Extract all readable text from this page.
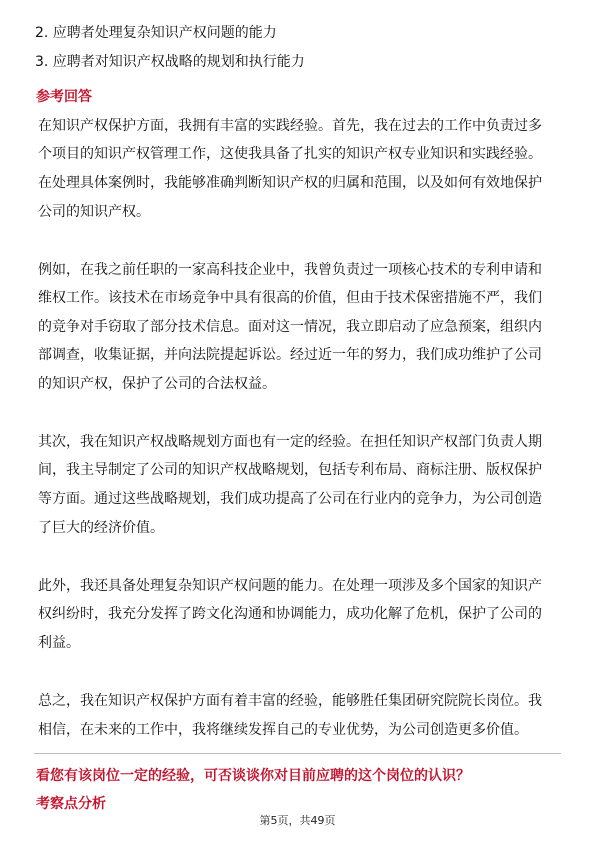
2. 应聘者处理复杂知识产权问题的能力
3. 应聘者对知识产权战略的规划和执行能力
参考回答
在知识产权保护方面，我拥有丰富的实践经验。首先，我在过去的工作中负责过多
个项目的知识产权管理工作，这使我具备了扎实的知识产权专业知识和实践经验。
在处理具体案例时，我能够准确判断知识产权的归属和范围，以及如何有效地保护
公司的知识产权。
例如，在我之前任职的一家高科技企业中，我曾负责过一项核心技术的专利申请和
维权工作。该技术在市场竞争中具有很高的价值，但由于技术保密措施不严，我们
的竞争对手窃取了部分技术信息。面对这一情况，我立即启动了应急预案，组织内
部调查，收集证据，并向法院提起诉讼。经过近一年的努力，我们成功维护了公司
的知识产权，保护了公司的合法权益。
其次，我在知识产权战略规划方面也有一定的经验。在担任知识产权部门负责人期
间，我主导制定了公司的知识产权战略规划，包括专利布局、商标注册、版权保护
等方面。通过这些战略规划，我们成功提高了公司在行业内的竞争力，为公司创造
了巨大的经济价值。
此外，我还具备处理复杂知识产权问题的能力。在处理一项涉及多个国家的知识产
权纠纷时，我充分发挥了跨文化沟通和协调能力，成功化解了危机，保护了公司的
利益。
总之，我在知识产权保护方面有着丰富的经验，能够胜任集团研究院院长岗位。我
相信，在未来的工作中，我将继续发挥自己的专业优势，为公司创造更多价值。
看您有该岗位一定的经验，可否谈谈你对目前应聘的这个岗位的认识？
考察点分析
第5页，共49页
